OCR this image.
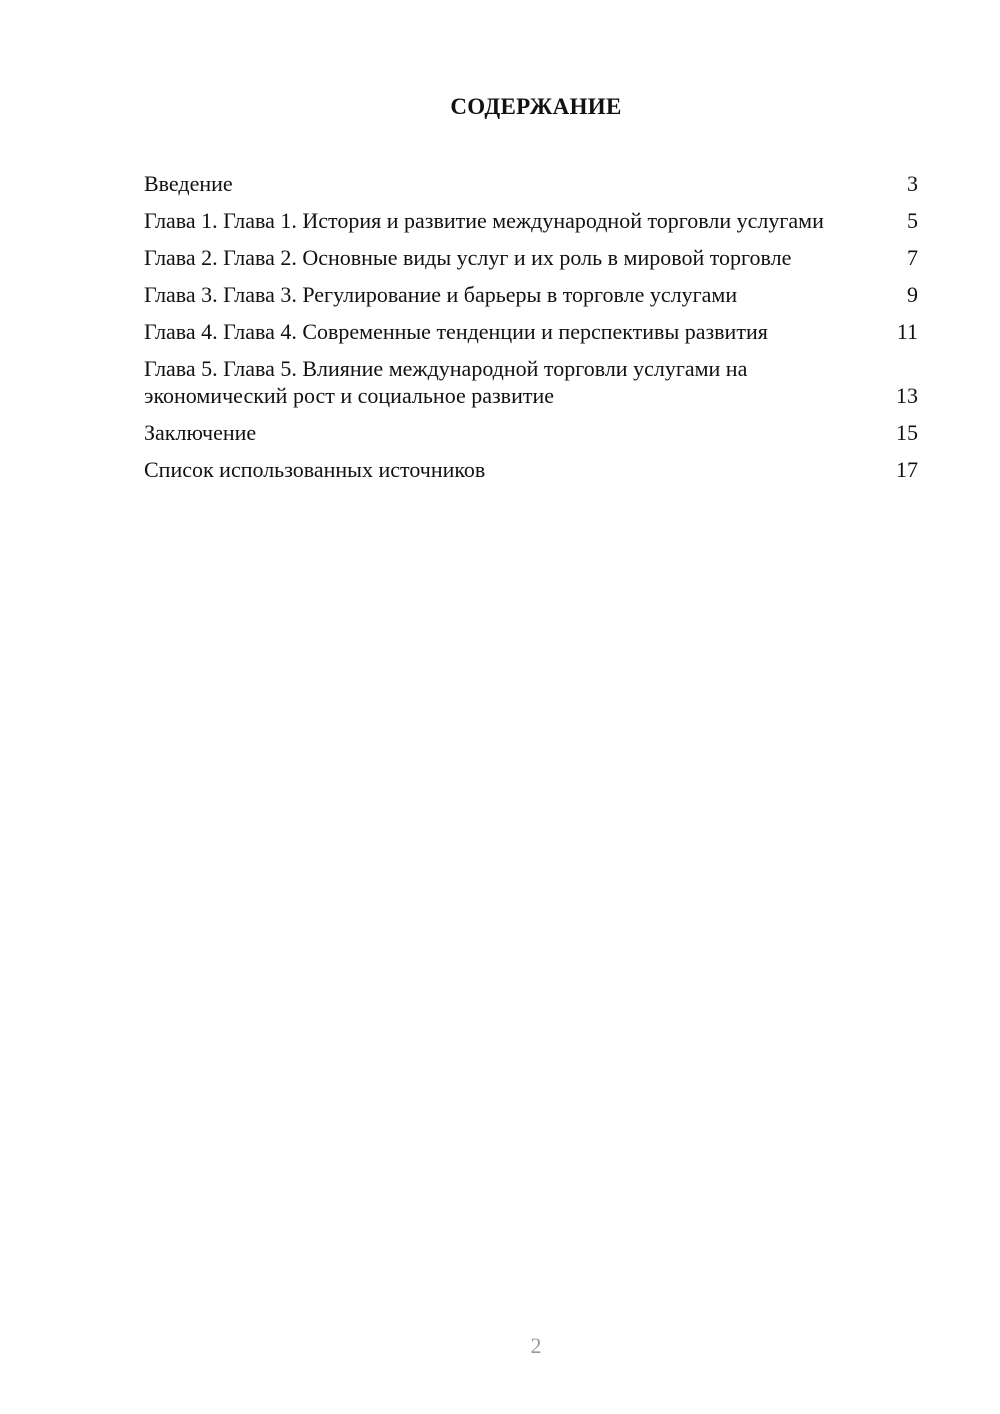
СОДЕРЖАНИЕ
Введение	3
Глава 1. Глава 1. История и развитие международной торговли услугами	5
Глава 2. Глава 2. Основные виды услуг и их роль в мировой торговле	7
Глава 3. Глава 3. Регулирование и барьеры в торговле услугами	9
Глава 4. Глава 4. Современные тенденции и перспективы развития	11
Глава 5. Глава 5. Влияние международной торговли услугами на экономический рост и социальное развитие	13
Заключение	15
Список использованных источников	17
2
